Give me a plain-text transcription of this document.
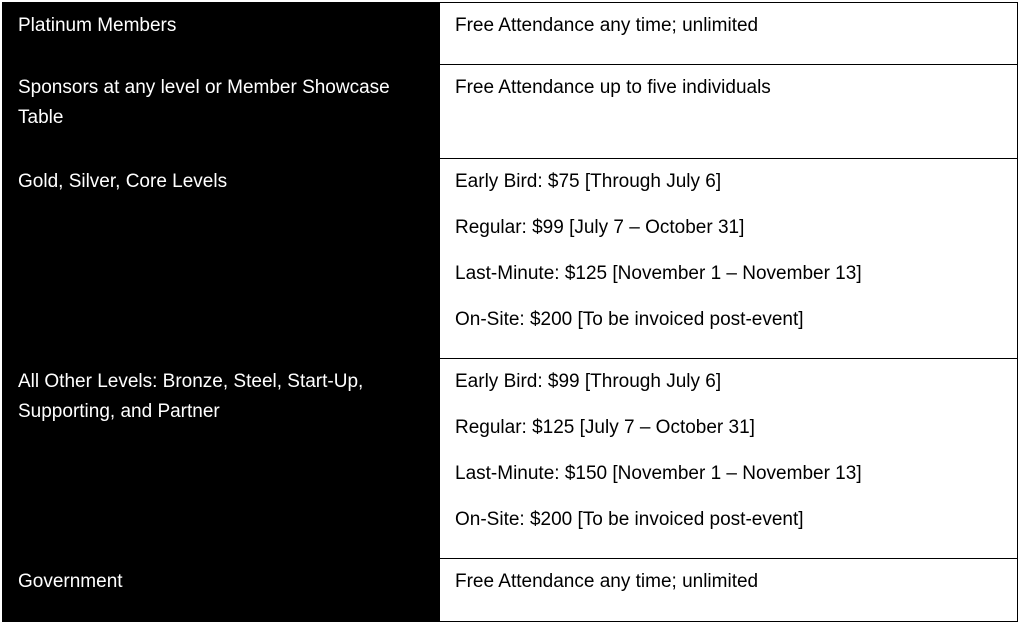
Platinum Members	Free Attendance any time; unlimited

Sponsors at any level or Member Showcase Table	Free Attendance up to five individuals

Gold, Silver, Core Levels	Early Bird: $75 [Through July 6]
Regular: $99 [July 7 – October 31]
Last-Minute: $125 [November 1 – November 13]
On-Site: $200 [To be invoiced post-event]

All Other Levels: Bronze, Steel, Start-Up, Supporting, and Partner	Early Bird: $99 [Through July 6]
Regular: $125 [July 7 – October 31]
Last-Minute: $150 [November 1 – November 13]
On-Site: $200 [To be invoiced post-event]

Government	Free Attendance any time; unlimited
